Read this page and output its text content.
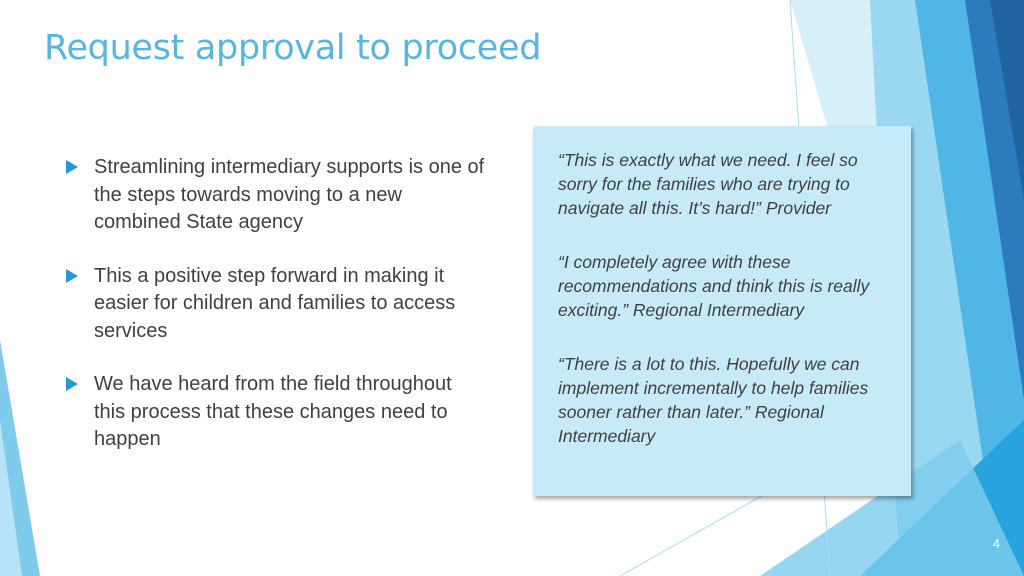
Request approval to proceed
Streamlining intermediary supports is one of the steps towards moving to a new combined State agency
This a positive step forward in making it easier for children and families to access services
We have heard from the field throughout this process that these changes need to happen
“This is exactly what we need. I feel so sorry for the families who are trying to navigate all this. It’s hard!” Provider
“I completely agree with these recommendations and think this is really exciting.” Regional Intermediary
“There is a lot to this. Hopefully we can implement incrementally to help families sooner rather than later.” Regional Intermediary
4
